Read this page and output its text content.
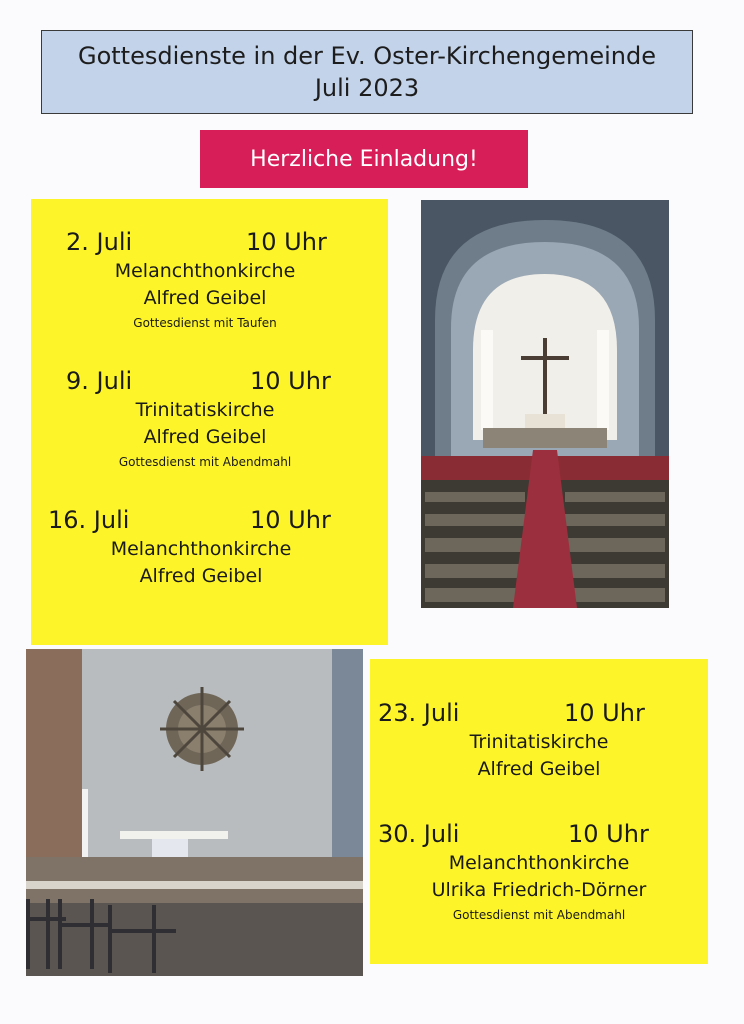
Gottesdienste in der Ev. Oster-Kirchengemeinde
Juli 2023
Herzliche Einladung!
2. Juli	10 Uhr
Melanchthonkirche
Alfred Geibel
Gottesdienst mit Taufen
9. Juli	10 Uhr
Trinitatiskirche
Alfred Geibel
Gottesdienst mit Abendmahl
16. Juli	10 Uhr
Melanchthonkirche
Alfred Geibel
23. Juli	10 Uhr
Trinitatiskirche
Alfred Geibel
30. Juli	10 Uhr
Melanchthonkirche
Ulrika Friedrich-Dörner
Gottesdienst mit Abendmahl
